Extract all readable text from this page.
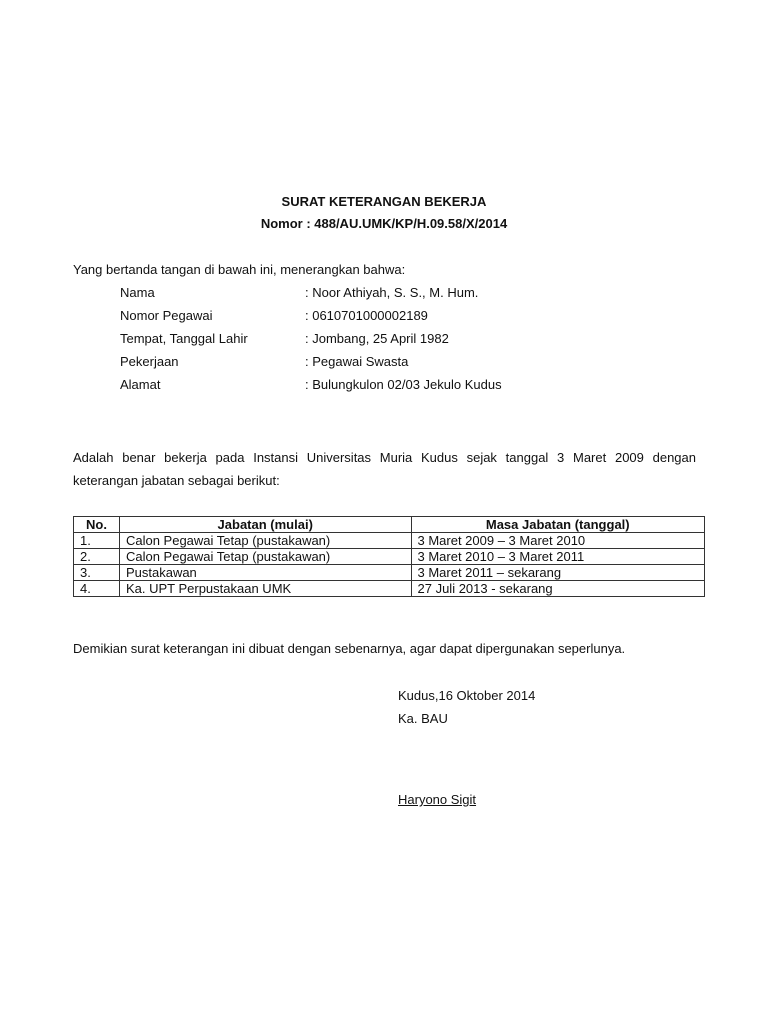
SURAT KETERANGAN BEKERJA
Nomor : 488/AU.UMK/KP/H.09.58/X/2014
Yang bertanda tangan di bawah ini, menerangkan bahwa:
Nama	: Noor Athiyah, S. S., M. Hum.
Nomor Pegawai	: 0610701000002189
Tempat, Tanggal Lahir	: Jombang, 25 April 1982
Pekerjaan	: Pegawai Swasta
Alamat	: Bulungkulon 02/03 Jekulo Kudus
Adalah benar bekerja pada Instansi Universitas Muria Kudus sejak tanggal 3 Maret 2009 dengan keterangan jabatan sebagai berikut:
No.	Jabatan (mulai)	Masa Jabatan (tanggal)
1.	Calon Pegawai Tetap (pustakawan)	3 Maret 2009 – 3 Maret 2010
2.	Calon Pegawai Tetap (pustakawan)	3 Maret 2010 – 3 Maret 2011
3.	Pustakawan	3 Maret 2011 – sekarang
4.	Ka. UPT Perpustakaan UMK	27 Juli 2013 - sekarang
Demikian surat keterangan ini dibuat dengan sebenarnya, agar dapat dipergunakan seperlunya.
Kudus,16 Oktober 2014
Ka. BAU
Haryono Sigit
